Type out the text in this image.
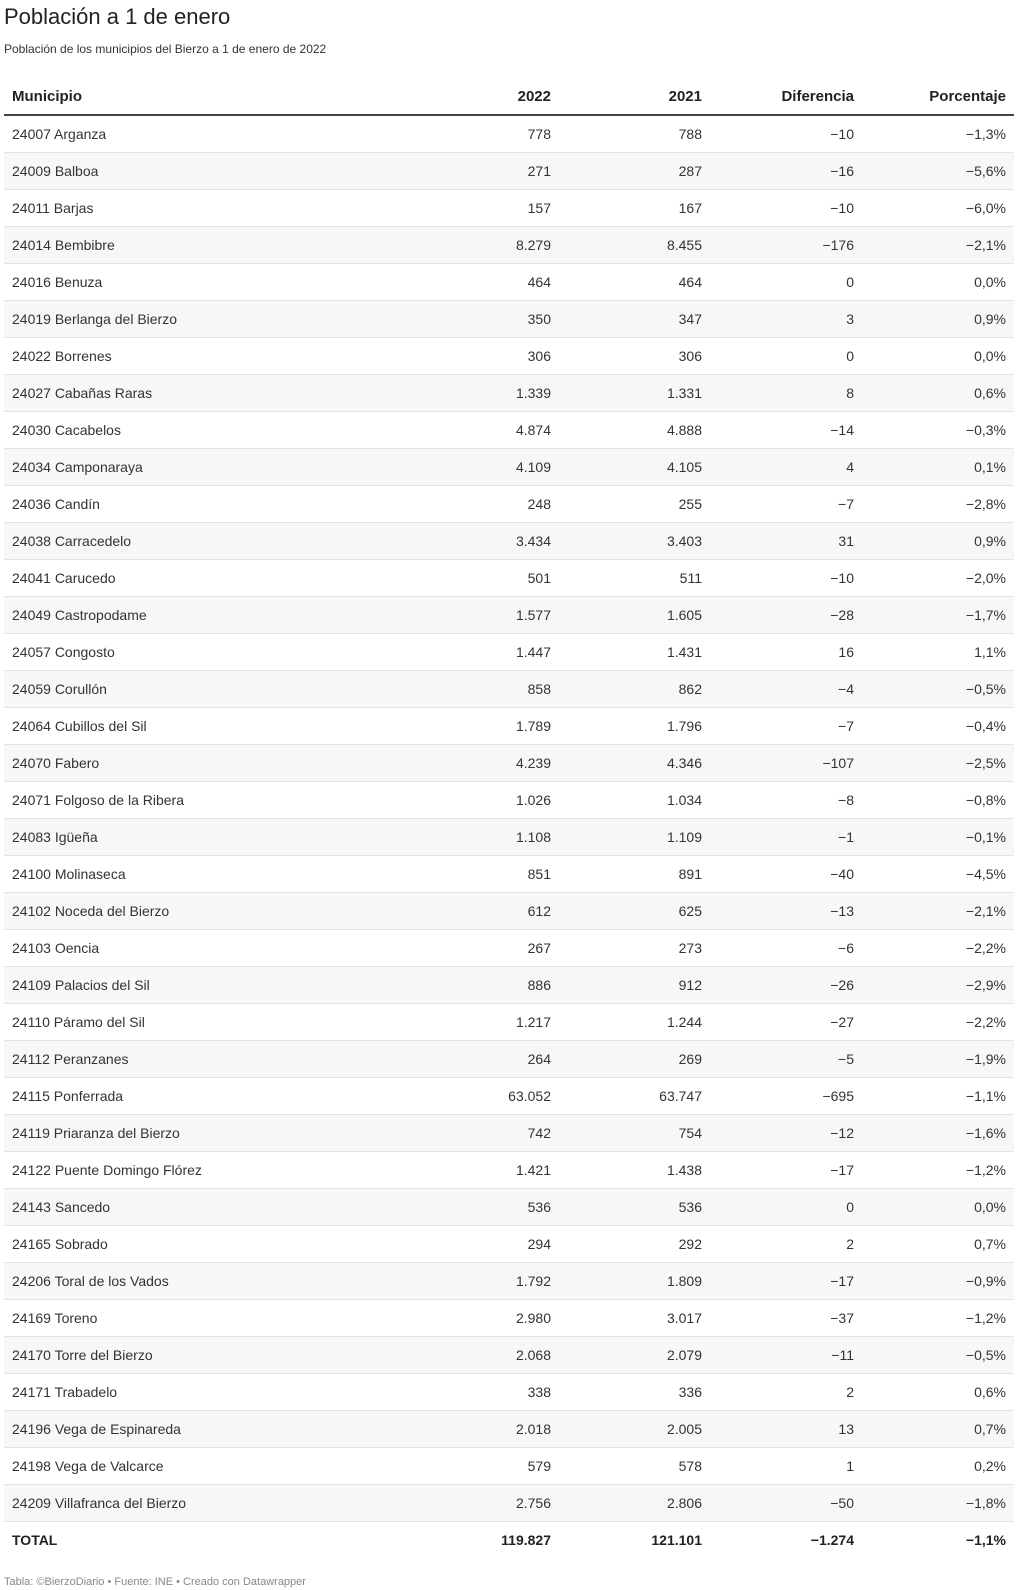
Población a 1 de enero
Población de los municipios del Bierzo a 1 de enero de 2022
Municipio	2022	2021	Diferencia	Porcentaje
24007 Arganza	778	788	−10	−1,3%
24009 Balboa	271	287	−16	−5,6%
24011 Barjas	157	167	−10	−6,0%
24014 Bembibre	8.279	8.455	−176	−2,1%
24016 Benuza	464	464	0	0,0%
24019 Berlanga del Bierzo	350	347	3	0,9%
24022 Borrenes	306	306	0	0,0%
24027 Cabañas Raras	1.339	1.331	8	0,6%
24030 Cacabelos	4.874	4.888	−14	−0,3%
24034 Camponaraya	4.109	4.105	4	0,1%
24036 Candín	248	255	−7	−2,8%
24038 Carracedelo	3.434	3.403	31	0,9%
24041 Carucedo	501	511	−10	−2,0%
24049 Castropodame	1.577	1.605	−28	−1,7%
24057 Congosto	1.447	1.431	16	1,1%
24059 Corullón	858	862	−4	−0,5%
24064 Cubillos del Sil	1.789	1.796	−7	−0,4%
24070 Fabero	4.239	4.346	−107	−2,5%
24071 Folgoso de la Ribera	1.026	1.034	−8	−0,8%
24083 Igüeña	1.108	1.109	−1	−0,1%
24100 Molinaseca	851	891	−40	−4,5%
24102 Noceda del Bierzo	612	625	−13	−2,1%
24103 Oencia	267	273	−6	−2,2%
24109 Palacios del Sil	886	912	−26	−2,9%
24110 Páramo del Sil	1.217	1.244	−27	−2,2%
24112 Peranzanes	264	269	−5	−1,9%
24115 Ponferrada	63.052	63.747	−695	−1,1%
24119 Priaranza del Bierzo	742	754	−12	−1,6%
24122 Puente Domingo Flórez	1.421	1.438	−17	−1,2%
24143 Sancedo	536	536	0	0,0%
24165 Sobrado	294	292	2	0,7%
24206 Toral de los Vados	1.792	1.809	−17	−0,9%
24169 Toreno	2.980	3.017	−37	−1,2%
24170 Torre del Bierzo	2.068	2.079	−11	−0,5%
24171 Trabadelo	338	336	2	0,6%
24196 Vega de Espinareda	2.018	2.005	13	0,7%
24198 Vega de Valcarce	579	578	1	0,2%
24209 Villafranca del Bierzo	2.756	2.806	−50	−1,8%
TOTAL	119.827	121.101	−1.274	−1,1%
Tabla: ©BierzoDiario • Fuente: INE • Creado con Datawrapper
